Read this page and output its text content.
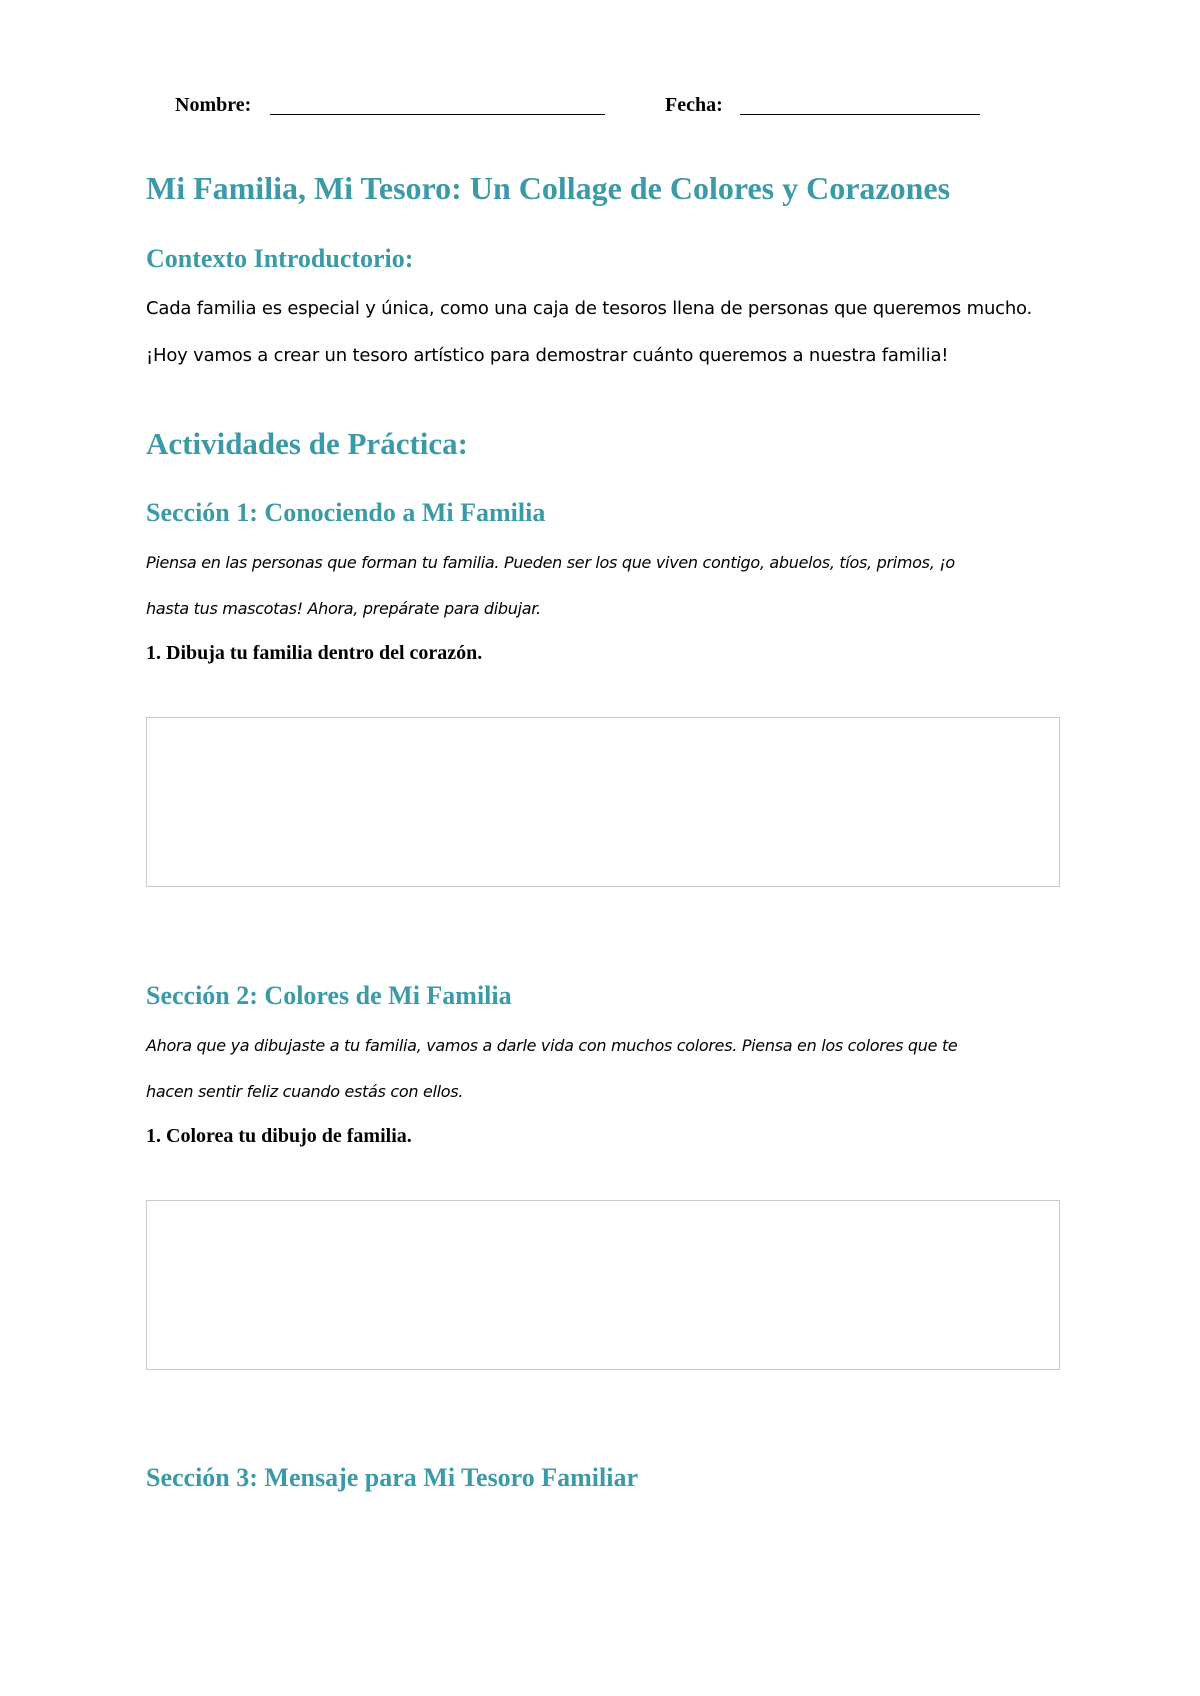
Nombre:	Fecha:
Mi Familia, Mi Tesoro: Un Collage de Colores y Corazones
Contexto Introductorio:

Cada familia es especial y única, como una caja de tesoros llena de personas que queremos mucho.

¡Hoy vamos a crear un tesoro artístico para demostrar cuánto queremos a nuestra familia!

Actividades de Práctica:
Sección 1: Conociendo a Mi Familia

Piensa en las personas que forman tu familia. Pueden ser los que viven contigo, abuelos, tíos, primos, ¡o

hasta tus mascotas! Ahora, prepárate para dibujar.

1. Dibuja tu familia dentro del corazón.

Sección 2: Colores de Mi Familia

Ahora que ya dibujaste a tu familia, vamos a darle vida con muchos colores. Piensa en los colores que te

hacen sentir feliz cuando estás con ellos.

1. Colorea tu dibujo de familia.

Sección 3: Mensaje para Mi Tesoro Familiar
